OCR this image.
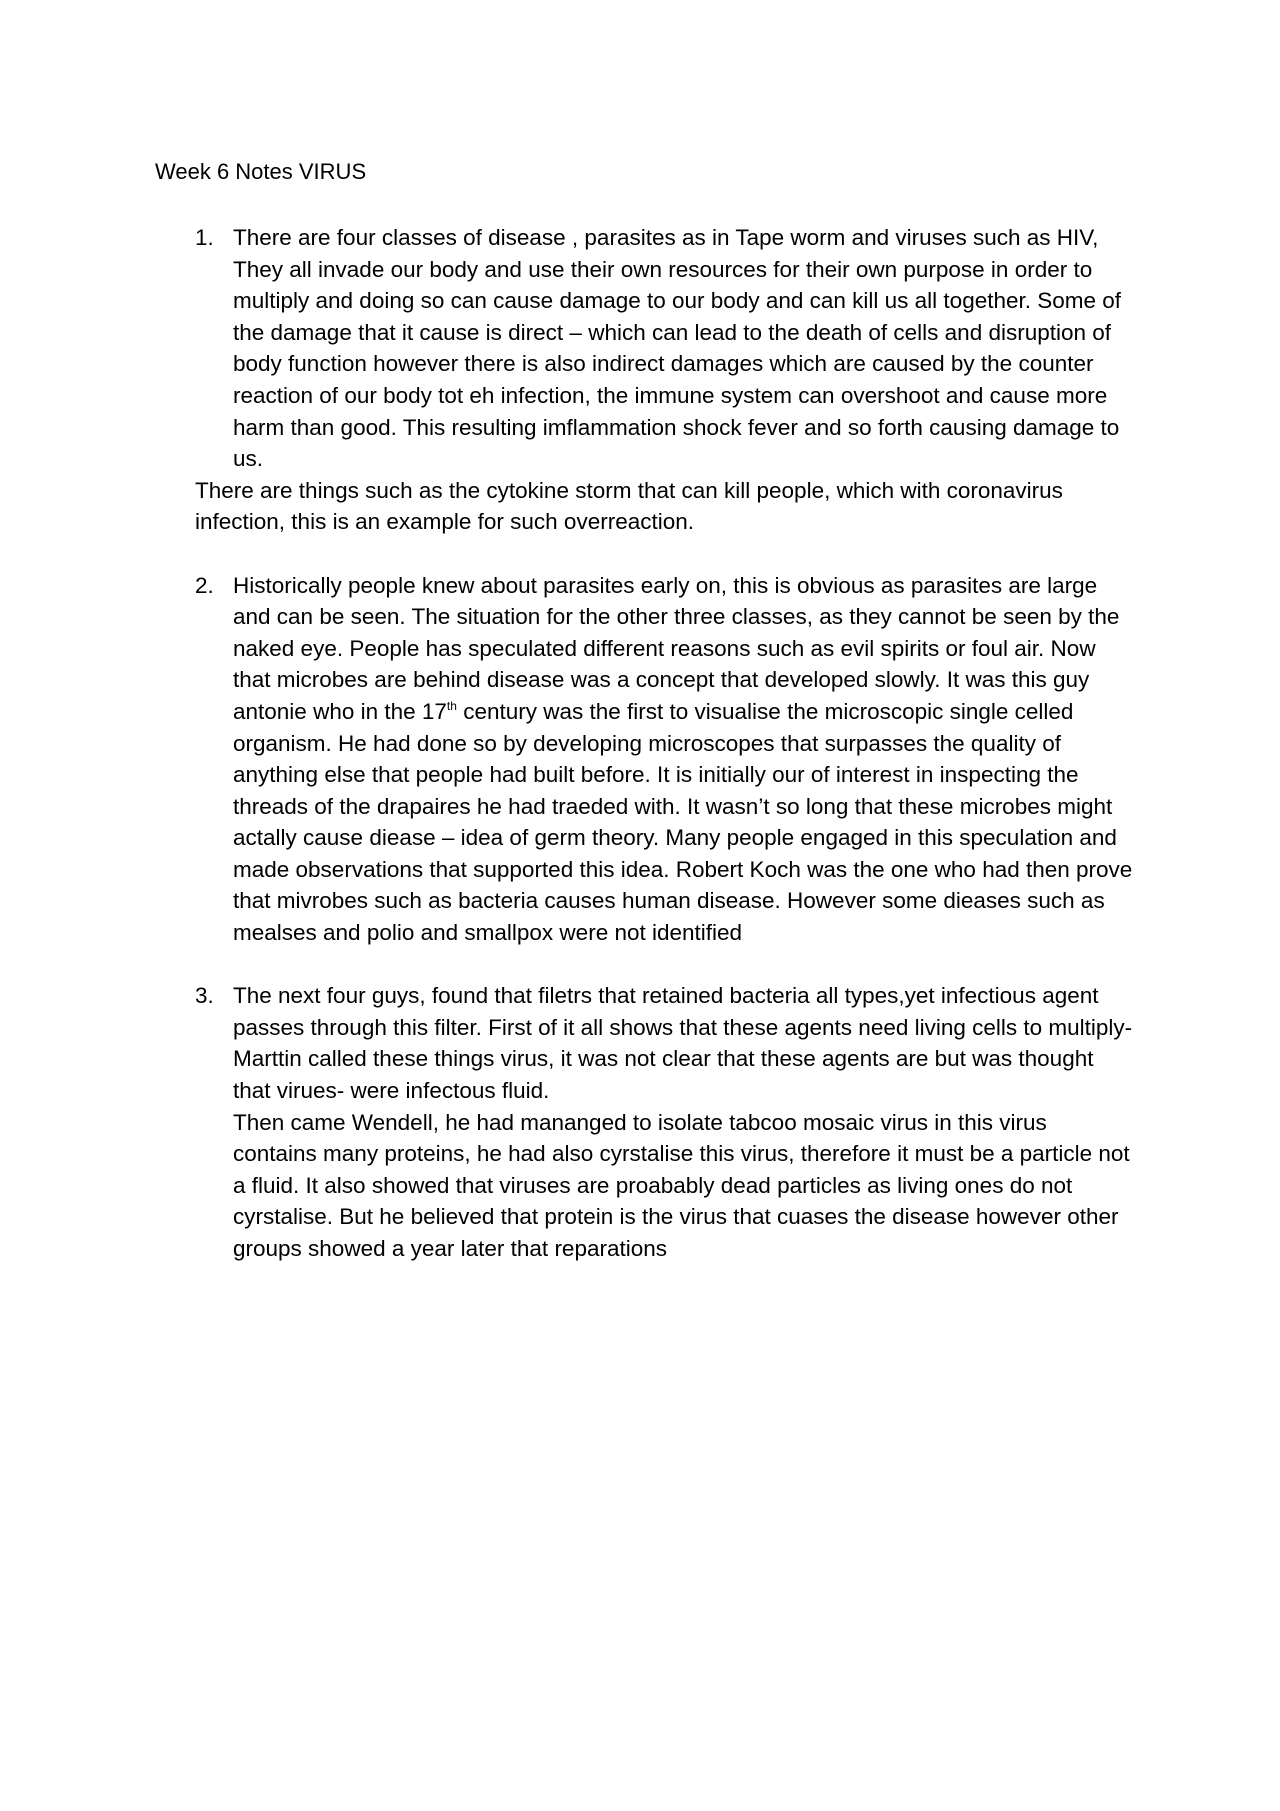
Week 6 Notes VIRUS
1. There are four classes of disease , parasites as in Tape worm and viruses such as HIV, They all invade our body and use their own resources for their own purpose in order to multiply and doing so can cause damage to our body and can kill us all together. Some of the damage that it cause is direct – which can lead to the death of cells and disruption of body function however there is also indirect damages which are caused by the counter reaction of our body tot eh infection, the immune system can overshoot and cause more harm than good. This resulting imflammation shock fever and so forth causing damage to us.

There are things such as the cytokine storm that can kill people, which with coronavirus infection, this is an example for such overreaction.

2. Historically people knew about parasites early on, this is obvious as parasites are large and can be seen. The situation for the other three classes, as they cannot be seen by the naked eye. People has speculated different reasons such as evil spirits or foul air. Now that microbes are behind disease was a concept that developed slowly. It was this guy antonie who in the 17th century was the first to visualise the microscopic single celled organism. He had done so by developing microscopes that surpasses the quality of anything else that people had built before. It is initially our of interest in inspecting the threads of the drapaires he had traeded with. It wasn’t so long that these microbes might actally cause diease – idea of germ theory. Many people engaged in this speculation and made observations that supported this idea. Robert Koch was the one who had then prove that mivrobes such as bacteria causes human disease. However some dieases such as mealses and polio and smallpox were not identified

3. The next four guys, found that filetrs that retained bacteria all types,yet infectious agent passes through this filter. First of it all shows that these agents need living cells to multiply- Marttin called these things virus, it was not clear that these agents are but was thought that virues- were infectous fluid.

Then came Wendell, he had mananged to isolate tabcoo mosaic virus in this virus contains many proteins, he had also cyrstalise this virus, therefore it must be a particle not a fluid. It also showed that viruses are proabably dead particles as living ones do not cyrstalise. But he believed that protein is the virus that cuases the disease however other groups showed a year later that reparations
